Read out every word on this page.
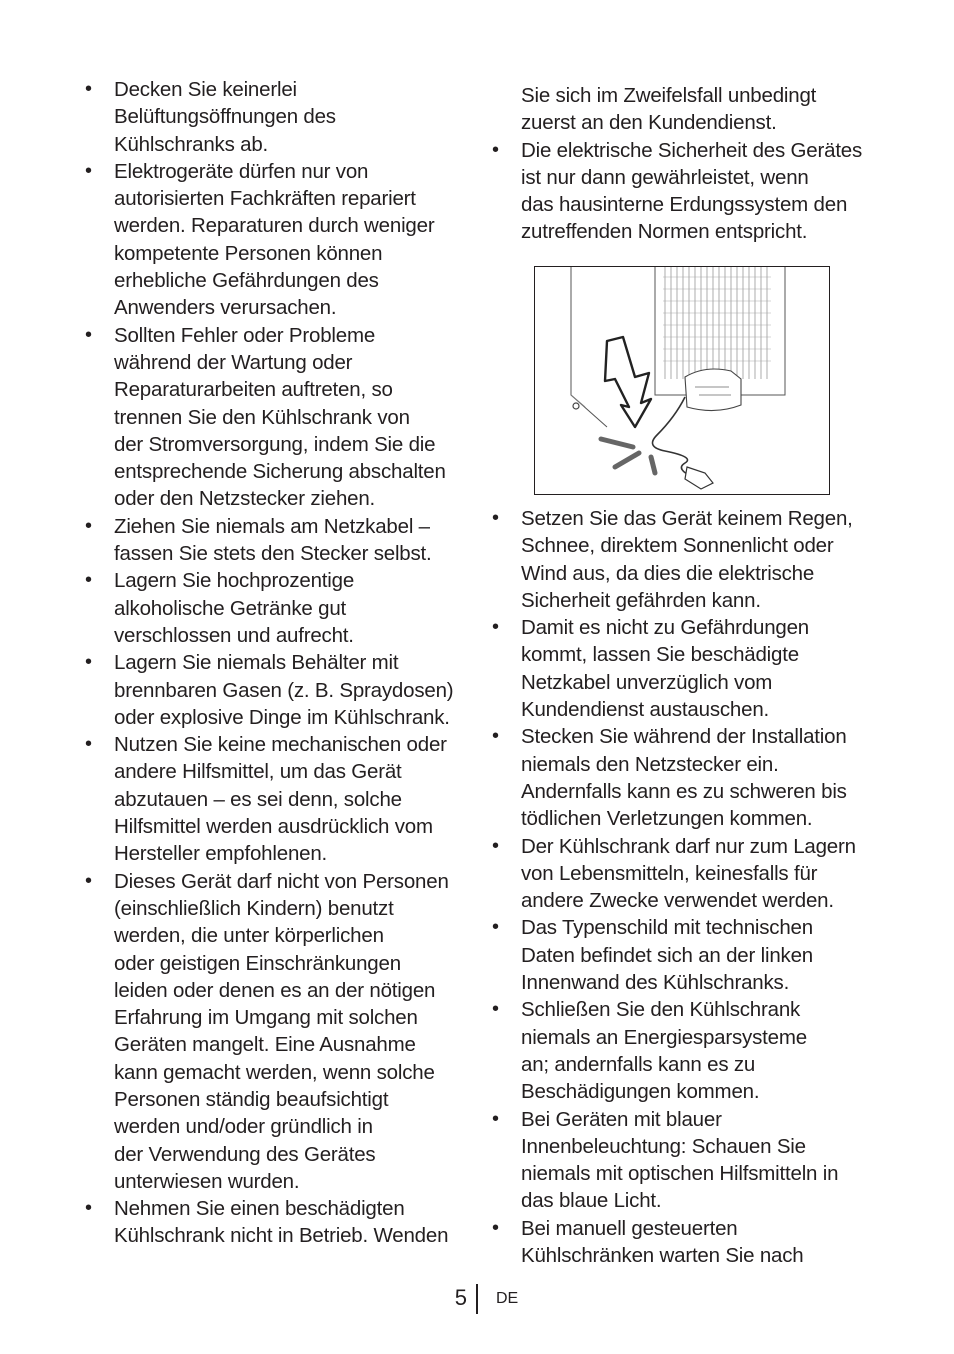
• Decken Sie keinerlei
Belüftungsöffnungen des
Kühlschranks ab.
• Elektrogeräte dürfen nur von
autorisierten Fachkräften repariert
werden. Reparaturen durch weniger
kompetente Personen können
erhebliche Gefährdungen des
Anwenders verursachen.
• Sollten Fehler oder Probleme
während der Wartung oder
Reparaturarbeiten auftreten, so
trennen Sie den Kühlschrank von
der Stromversorgung, indem Sie die
entsprechende Sicherung abschalten
oder den Netzstecker ziehen.
• Ziehen Sie niemals am Netzkabel –
fassen Sie stets den Stecker selbst.
• Lagern Sie hochprozentige
alkoholische Getränke gut
verschlossen und aufrecht.
• Lagern Sie niemals Behälter mit
brennbaren Gasen (z. B. Spraydosen)
oder explosive Dinge im Kühlschrank.
• Nutzen Sie keine mechanischen oder
andere Hilfsmittel, um das Gerät
abzutauen – es sei denn, solche
Hilfsmittel werden ausdrücklich vom
Hersteller empfohlenen.
• Dieses Gerät darf nicht von Personen
(einschließlich Kindern) benutzt
werden, die unter körperlichen
oder geistigen Einschränkungen
leiden oder denen es an der nötigen
Erfahrung im Umgang mit solchen
Geräten mangelt. Eine Ausnahme
kann gemacht werden, wenn solche
Personen ständig beaufsichtigt
werden und/oder gründlich in
der Verwendung des Gerätes
unterwiesen wurden.
• Nehmen Sie einen beschädigten
Kühlschrank nicht in Betrieb. Wenden
Sie sich im Zweifelsfall unbedingt
zuerst an den Kundendienst.
• Die elektrische Sicherheit des Gerätes
ist nur dann gewährleistet, wenn
das hausinterne Erdungssystem den
zutreffenden Normen entspricht.
• Setzen Sie das Gerät keinem Regen,
Schnee, direktem Sonnenlicht oder
Wind aus, da dies die elektrische
Sicherheit gefährden kann.
• Damit es nicht zu Gefährdungen
kommt, lassen Sie beschädigte
Netzkabel unverzüglich vom
Kundendienst austauschen.
• Stecken Sie während der Installation
niemals den Netzstecker ein.
Andernfalls kann es zu schweren bis
tödlichen Verletzungen kommen.
• Der Kühlschrank darf nur zum Lagern
von Lebensmitteln, keinesfalls für
andere Zwecke verwendet werden.
• Das Typenschild mit technischen
Daten befindet sich an der linken
Innenwand des Kühlschranks.
• Schließen Sie den Kühlschrank
niemals an Energiesparsysteme
an; andernfalls kann es zu
Beschädigungen kommen.
• Bei Geräten mit blauer
Innenbeleuchtung: Schauen Sie
niemals mit optischen Hilfsmitteln in
das blaue Licht.
• Bei manuell gesteuerten
Kühlschränken warten Sie nach
5 DE
